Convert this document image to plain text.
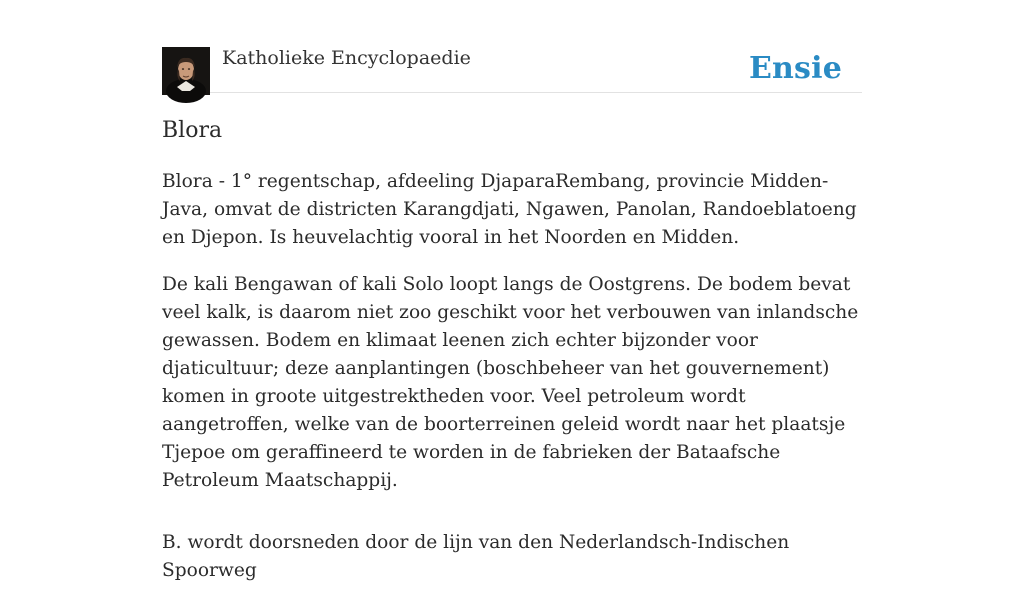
Katholieke Encyclopaedie	Ensie
Blora

Blora - 1° regentschap, afdeeling DjaparaRembang, provincie Midden-Java, omvat de districten Karangdjati, Ngawen, Panolan, Randoeblatoeng en Djepon. Is heuvelachtig vooral in het Noorden en Midden.

De kali Bengawan of kali Solo loopt langs de Oostgrens. De bodem bevat veel kalk, is daarom niet zoo geschikt voor het verbouwen van inlandsche gewassen. Bodem en klimaat leenen zich echter bijzonder voor djaticultuur; deze aanplantingen (boschbeheer van het gouvernement) komen in groote uitgestrektheden voor. Veel petroleum wordt aangetroffen, welke van de boorterreinen geleid wordt naar het plaatsje Tjepoe om geraffineerd te worden in de fabrieken der Bataafsche Petroleum Maatschappij.

B. wordt doorsneden door de lijn van den Nederlandsch-Indischen Spoorweg
